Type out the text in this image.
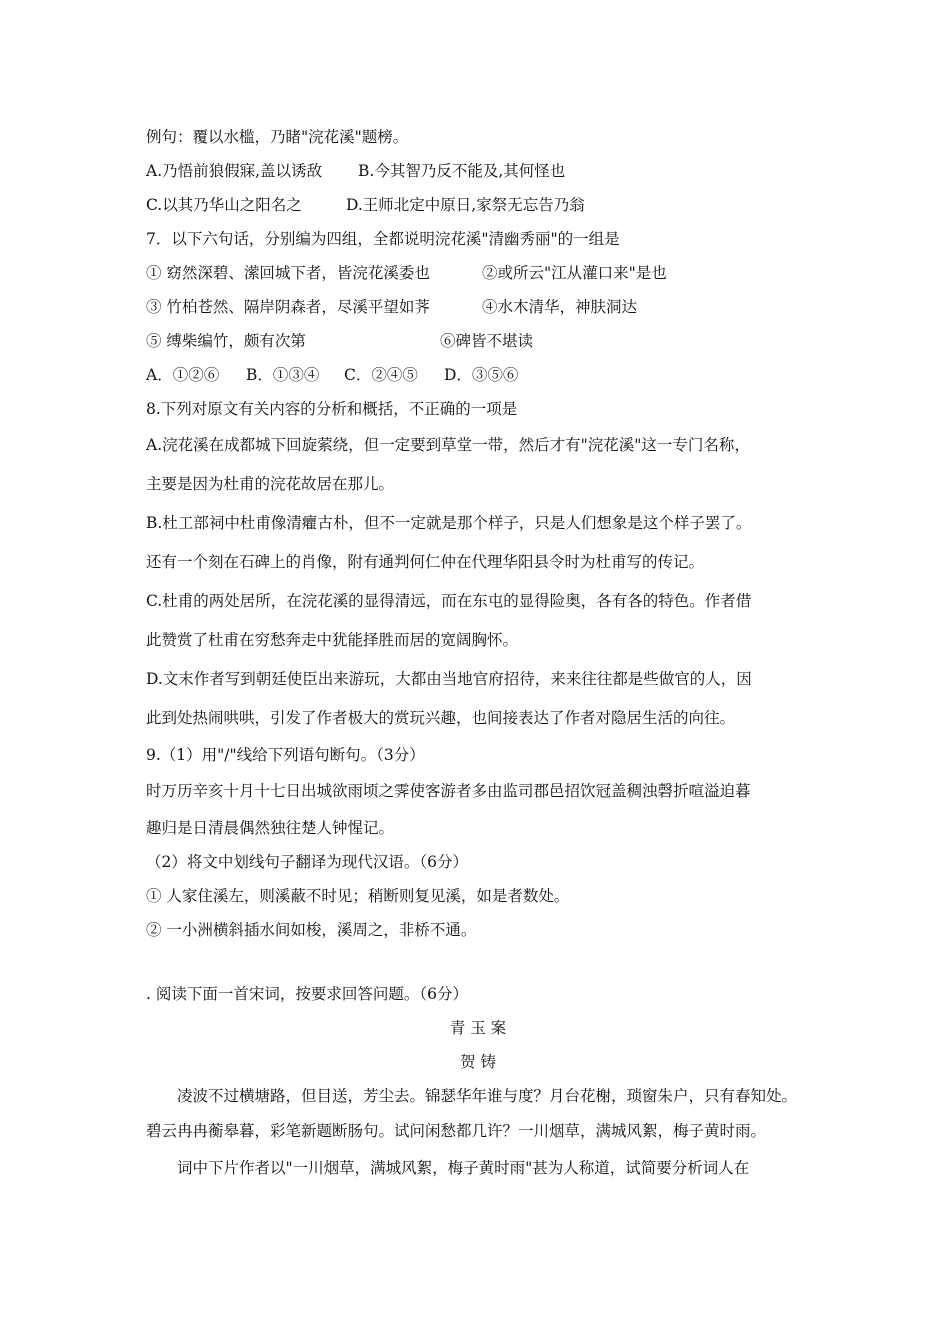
例句：覆以水槛，乃睹"浣花溪"题榜。
A.乃悟前狼假寐,盖以诱敌 B.今其智乃反不能及,其何怪也
C.以其乃华山之阳名之	D.王师北定中原日,家祭无忘告乃翁
7．以下六句话，分别编为四组，全都说明浣花溪"清幽秀丽"的一组是
① 窈然深碧、潆回城下者，皆浣花溪委也	②或所云"江从灌口来"是也
③ 竹柏苍然、隔岸阴森者，尽溪平望如荠	④水木清华，神肤洞达
⑤ 缚柴编竹，颇有次第	⑥碑皆不堪读
A．①②⑥ B．①③④ C．②④⑤ D．③⑤⑥
8.下列对原文有关内容的分析和概括，不正确的一项是
A.浣花溪在成都城下回旋萦绕，但一定要到草堂一带，然后才有"浣花溪"这一专门名称，
主要是因为杜甫的浣花故居在那儿。
B.杜工部祠中杜甫像清癯古朴，但不一定就是那个样子，只是人们想象是这个样子罢了。
还有一个刻在石碑上的肖像，附有通判何仁仲在代理华阳县令时为杜甫写的传记。
C.杜甫的两处居所，在浣花溪的显得清远，而在东屯的显得险奥，各有各的特色。作者借
此赞赏了杜甫在穷愁奔走中犹能择胜而居的宽阔胸怀。
D.文末作者写到朝廷使臣出来游玩，大都由当地官府招待，来来往往都是些做官的人，因
此到处热闹哄哄，引发了作者极大的赏玩兴趣，也间接表达了作者对隐居生活的向往。
9.（1）用"/"线给下列语句断句。（3分）
时万历辛亥十月十七日出城欲雨顷之霁使客游者多由监司郡邑招饮冠盖稠浊磬折喧溢迫暮
趣归是日清晨偶然独往楚人钟惺记。
（2）将文中划线句子翻译为现代汉语。（6分）
① 人家住溪左，则溪蔽不时见；稍断则复见溪，如是者数处。
② 一小洲横斜插水间如梭，溪周之，非桥不通。
. 阅读下面一首宋词，按要求回答问题。（6分）
青 玉 案
贺 铸
凌波不过横塘路，但目送，芳尘去。锦瑟华年谁与度？月台花榭，琐窗朱户，只有春知处。碧云冉冉蘅皋暮，彩笔新题断肠句。试问闲愁都几许？一川烟草，满城风絮，梅子黄时雨。
词中下片作者以"一川烟草，满城风絮，梅子黄时雨"甚为人称道，试简要分析词人在
